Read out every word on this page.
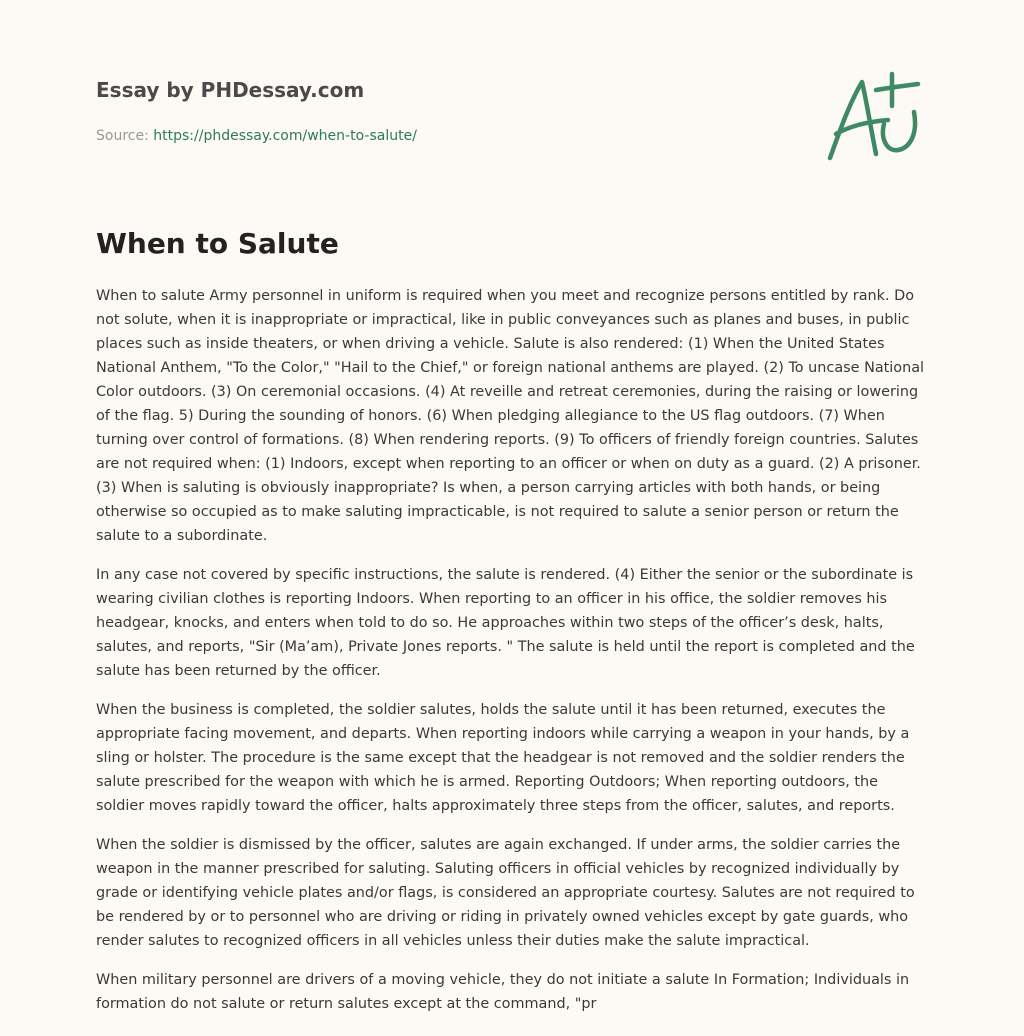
Essay by PHDessay.com
Source: https://phdessay.com/when-to-salute/
When to Salute

When to salute Army personnel in uniform is required when you meet and recognize persons entitled by rank. Do not solute, when it is inappropriate or impractical, like in public conveyances such as planes and buses, in public places such as inside theaters, or when driving a vehicle. Salute is also rendered: (1) When the United States National Anthem, "To the Color," "Hail to the Chief," or foreign national anthems are played. (2) To uncase National Color outdoors. (3) On ceremonial occasions. (4) At reveille and retreat ceremonies, during the raising or lowering of the flag. 5) During the sounding of honors. (6) When pledging allegiance to the US flag outdoors. (7) When turning over control of formations. (8) When rendering reports. (9) To officers of friendly foreign countries. Salutes are not required when: (1) Indoors, except when reporting to an officer or when on duty as a guard. (2) A prisoner. (3) When is saluting is obviously inappropriate? Is when, a person carrying articles with both hands, or being otherwise so occupied as to make saluting impracticable, is not required to salute a senior person or return the salute to a subordinate.

In any case not covered by specific instructions, the salute is rendered. (4) Either the senior or the subordinate is wearing civilian clothes is reporting Indoors. When reporting to an officer in his office, the soldier removes his headgear, knocks, and enters when told to do so. He approaches within two steps of the officer’s desk, halts, salutes, and reports, "Sir (Ma’am), Private Jones reports. " The salute is held until the report is completed and the salute has been returned by the officer.

When the business is completed, the soldier salutes, holds the salute until it has been returned, executes the appropriate facing movement, and departs. When reporting indoors while carrying a weapon in your hands, by a sling or holster. The procedure is the same except that the headgear is not removed and the soldier renders the salute prescribed for the weapon with which he is armed. Reporting Outdoors; When reporting outdoors, the soldier moves rapidly toward the officer, halts approximately three steps from the officer, salutes, and reports.

When the soldier is dismissed by the officer, salutes are again exchanged. If under arms, the soldier carries the weapon in the manner prescribed for saluting. Saluting officers in official vehicles by recognized individually by grade or identifying vehicle plates and/or flags, is considered an appropriate courtesy. Salutes are not required to be rendered by or to personnel who are driving or riding in privately owned vehicles except by gate guards, who render salutes to recognized officers in all vehicles unless their duties make the salute impractical.

When military personnel are drivers of a moving vehicle, they do not initiate a salute In Formation; Individuals in formation do not salute or return salutes except at the command, "pr
